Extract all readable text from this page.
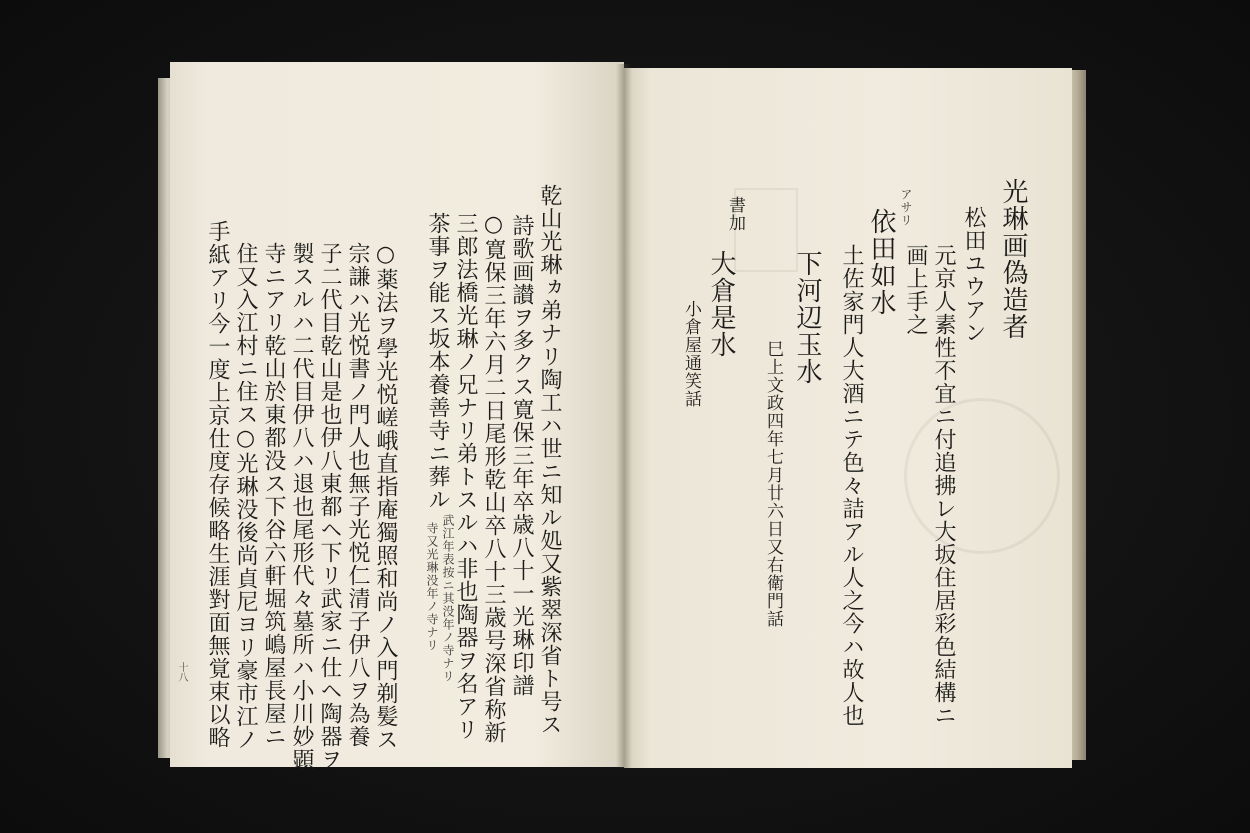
乾山光琳ヵ弟ナリ陶工ハ世ニ知ル処又紫翠深省ト号ス
詩歌画讃ヲ多クス寛保三年卒歳八十一光琳印譜
○寛保三年六月二日尾形乾山卒八十三歳号深省称新
三郎法橋光琳ノ兄ナリ弟トスルハ非也陶器ヲ名アリ
茶事ヲ能ス坂本養善寺ニ葬ル
武江年表按ニ其没年ノ寺ナリ
寺又光琳没年ノ寺ナリ
○薬法ヲ學光悦嵯峨直指庵獨照和尚ノ入門剃髪ス
宗謙ハ光悦書ノ門人也無子光悦仁清子伊八ヲ為養
子二代目乾山是也伊八東都ヘ下リ武家ニ仕ヘ陶器ヲ
製スルハ二代目伊八ハ退也尾形代々墓所ハ小川妙顕
寺ニアリ乾山於東都没ス下谷六軒堀筑嶋屋長屋ニ
住又入江村ニ住ス○光琳没後尚貞尼ヨリ豪市江ノ
手紙アリ今一度上京仕度存候略生涯對面無覚束以略
十八
光琳画偽造者
松田ユウアン
元京人素性不宜ニ付追拂レ大坂住居彩色結構ニ
画上手之
アサリ
依田如水
土佐家門人大酒ニテ色々詰アル人之今ハ故人也
下河辺玉水
巳上文政四年七月廿六日又右衛門話
書加
大倉是水
小倉屋通笑話
